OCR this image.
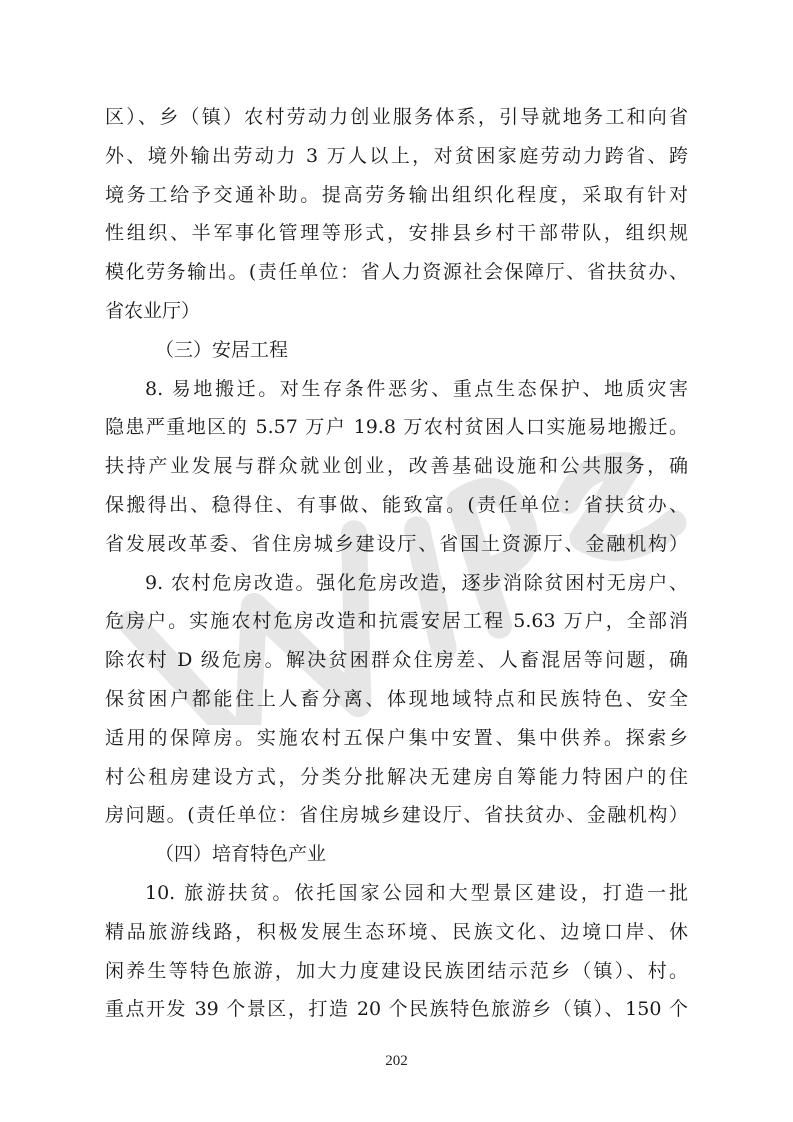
区）、乡（镇）农村劳动力创业服务体系，引导就地务工和向省
外、境外输出劳动力 3 万人以上，对贫困家庭劳动力跨省、跨
境务工给予交通补助。提高劳务输出组织化程度，采取有针对
性组织、半军事化管理等形式，安排县乡村干部带队，组织规
模化劳务输出。(责任单位：省人力资源社会保障厅、省扶贫办、
省农业厅）
（三）安居工程
8. 易地搬迁。对生存条件恶劣、重点生态保护、地质灾害
隐患严重地区的 5.57 万户 19.8 万农村贫困人口实施易地搬迁。
扶持产业发展与群众就业创业，改善基础设施和公共服务，确
保搬得出、稳得住、有事做、能致富。(责任单位：省扶贫办、
省发展改革委、省住房城乡建设厅、省国土资源厅、金融机构）
9. 农村危房改造。强化危房改造，逐步消除贫困村无房户、
危房户。实施农村危房改造和抗震安居工程 5.63 万户，全部消
除农村 D 级危房。解决贫困群众住房差、人畜混居等问题，确
保贫困户都能住上人畜分离、体现地域特点和民族特色、安全
适用的保障房。实施农村五保户集中安置、集中供养。探索乡
村公租房建设方式，分类分批解决无建房自筹能力特困户的住
房问题。(责任单位：省住房城乡建设厅、省扶贫办、金融机构）
（四）培育特色产业
10. 旅游扶贫。依托国家公园和大型景区建设，打造一批
精品旅游线路，积极发展生态环境、民族文化、边境口岸、休
闲养生等特色旅游，加大力度建设民族团结示范乡（镇）、村。
重点开发 39 个景区，打造 20 个民族特色旅游乡（镇）、150 个
202
